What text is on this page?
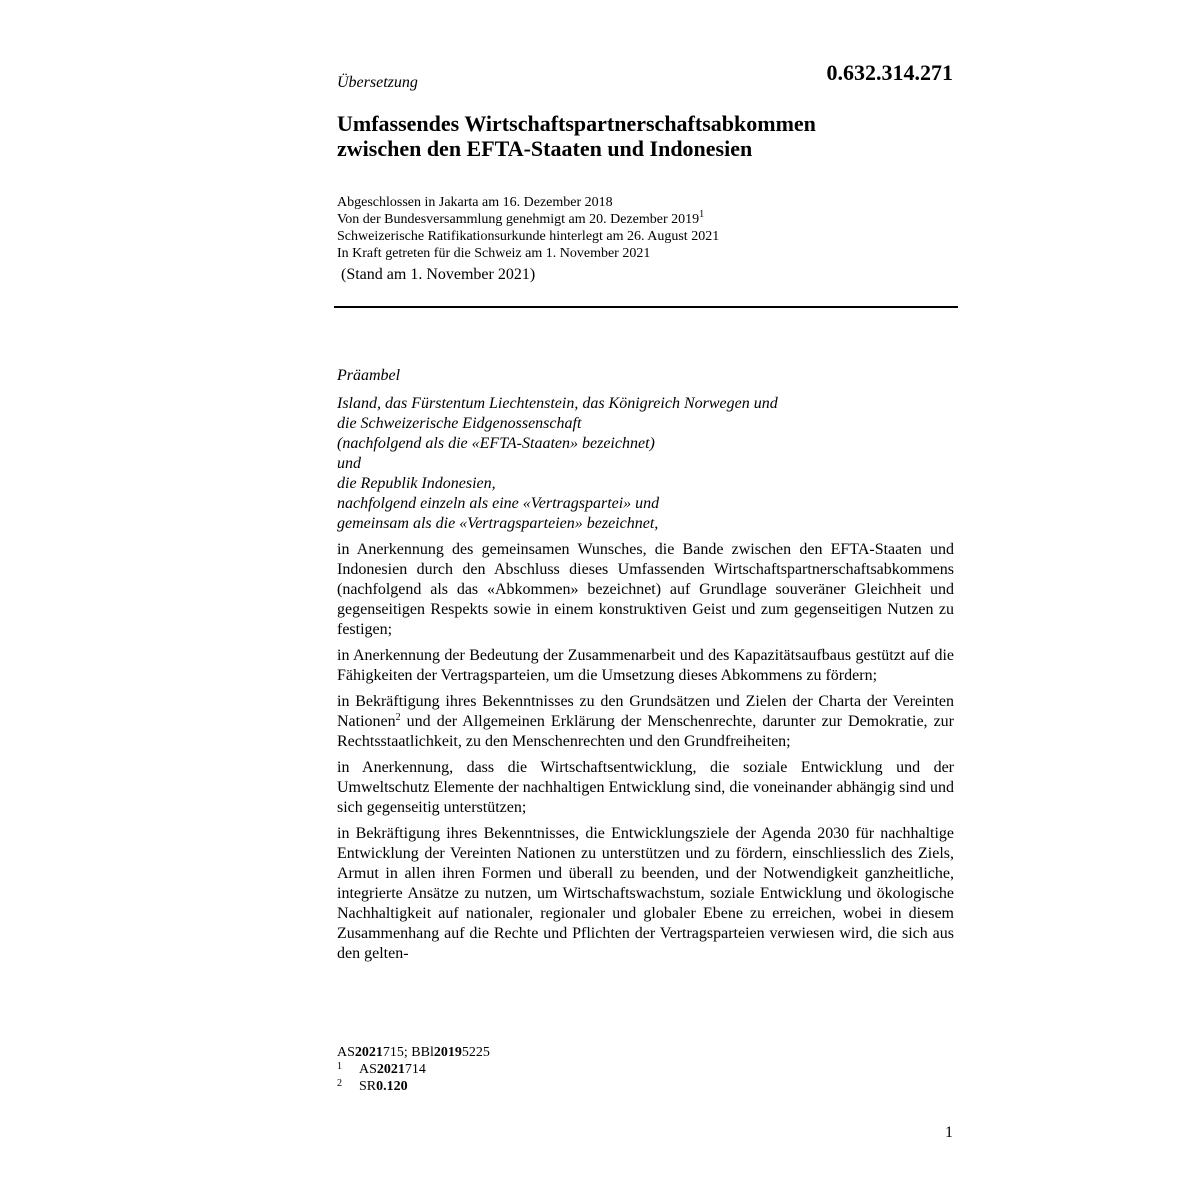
Übersetzung	0.632.314.271
Umfassendes Wirtschaftspartnerschaftsabkommen
zwischen den EFTA-Staaten und Indonesien
Abgeschlossen in Jakarta am 16. Dezember 2018
Von der Bundesversammlung genehmigt am 20. Dezember 2019$^1$
Schweizerische Ratifikationsurkunde hinterlegt am 26. August 2021
In Kraft getreten für die Schweiz am 1. November 2021
(Stand am 1. November 2021)
Präambel
Island, das Fürstentum Liechtenstein, das Königreich Norwegen und
die Schweizerische Eidgenossenschaft
(nachfolgend als die «EFTA-Staaten» bezeichnet)
und
die Republik Indonesien,
nachfolgend einzeln als eine «Vertragspartei» und
gemeinsam als die «Vertragsparteien» bezeichnet,

in Anerkennung des gemeinsamen Wunsches, die Bande zwischen den EFTA-Staaten und Indonesien durch den Abschluss dieses Umfassenden Wirtschaftspartnerschaftsabkommens (nachfolgend als das «Abkommen» bezeichnet) auf Grundlage souveräner Gleichheit und gegenseitigen Respekts sowie in einem konstruktiven Geist und zum gegenseitigen Nutzen zu festigen;

in Anerkennung der Bedeutung der Zusammenarbeit und des Kapazitätsaufbaus gestützt auf die Fähigkeiten der Vertragsparteien, um die Umsetzung dieses Abkommens zu fördern;

in Bekräftigung ihres Bekenntnisses zu den Grundsätzen und Zielen der Charta der Vereinten Nationen$^2$ und der Allgemeinen Erklärung der Menschenrechte, darunter zur Demokratie, zur Rechtsstaatlichkeit, zu den Menschenrechten und den Grundfreiheiten;

in Anerkennung, dass die Wirtschaftsentwicklung, die soziale Entwicklung und der Umweltschutz Elemente der nachhaltigen Entwicklung sind, die voneinander abhängig sind und sich gegenseitig unterstützen;

in Bekräftigung ihres Bekenntnisses, die Entwicklungsziele der Agenda 2030 für nachhaltige Entwicklung der Vereinten Nationen zu unterstützen und zu fördern, einschliesslich des Ziels, Armut in allen ihren Formen und überall zu beenden, und der Notwendigkeit ganzheitliche, integrierte Ansätze zu nutzen, um Wirtschaftswachstum, soziale Entwicklung und ökologische Nachhaltigkeit auf nationaler, regionaler und globaler Ebene zu erreichen, wobei in diesem Zusammenhang auf die Rechte und Pflichten der Vertragsparteien verwiesen wird, die sich aus den gelten-

AS 2021 715; BBl 2019 5225
1	AS 2021 714
2	SR 0.120
1
